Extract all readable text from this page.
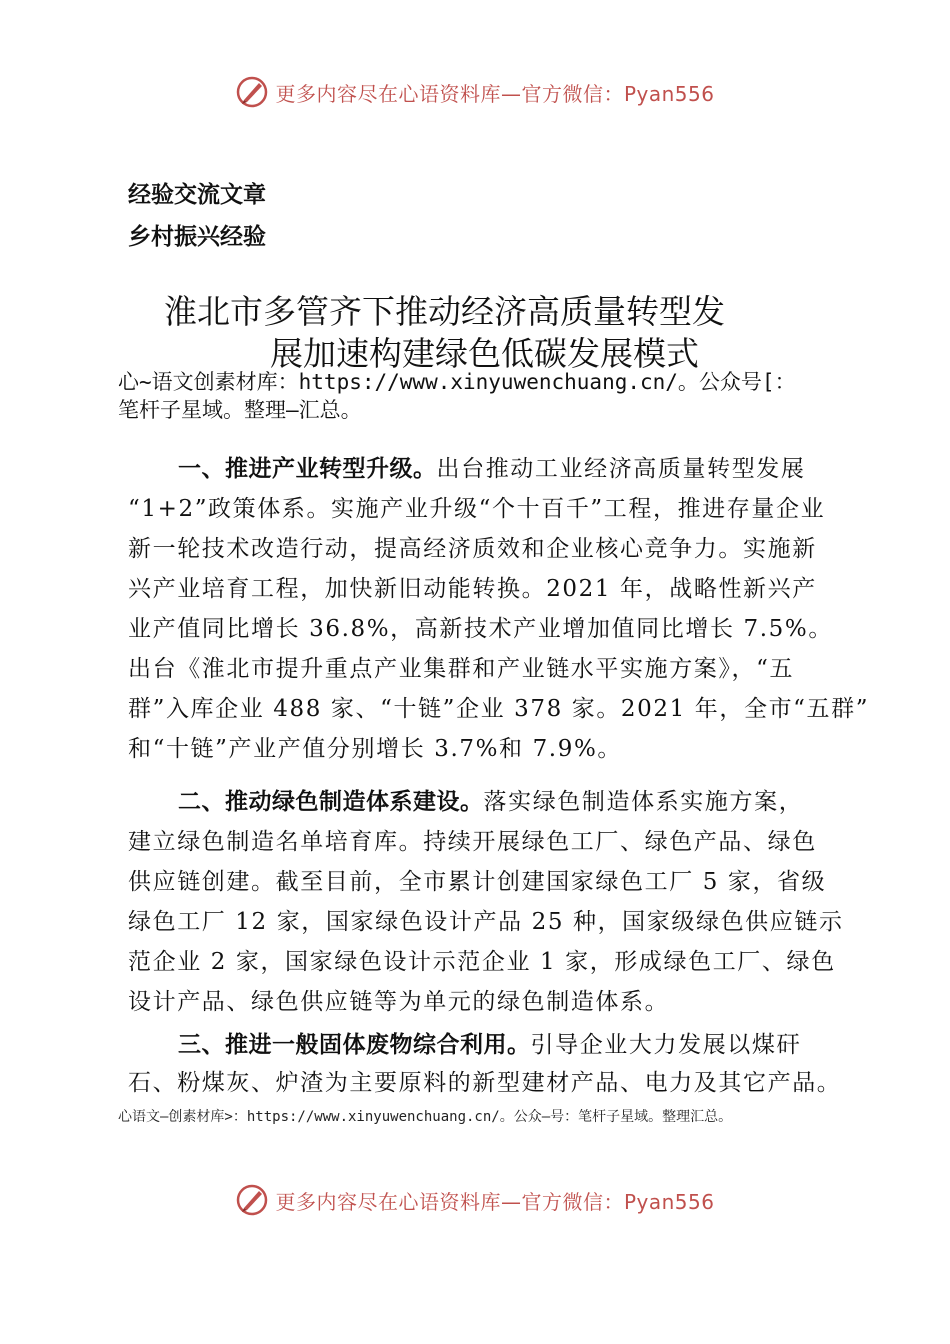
更多内容尽在心语资料库—官方微信：Pyan556
经验交流文章
乡村振兴经验
淮北市多管齐下推动经济高质量转型发
展加速构建绿色低碳发展模式
心~语文创素材库：https://www.xinyuwenchuang.cn/。公众号[：
笔杆子星域。整理—汇总。
一、推进产业转型升级。出台推动工业经济高质量转型发展
“1+2”政策体系。实施产业升级“个十百千”工程，推进存量企业
新一轮技术改造行动，提高经济质效和企业核心竞争力。实施新
兴产业培育工程，加快新旧动能转换。2021 年，战略性新兴产
业产值同比增长 36.8%，高新技术产业增加值同比增长 7.5%。
出台《淮北市提升重点产业集群和产业链水平实施方案》，“五
群”入库企业 488 家、“十链”企业 378 家。2021 年，全市“五群”
和“十链”产业产值分别增长 3.7%和 7.9%。
二、推动绿色制造体系建设。落实绿色制造体系实施方案，
建立绿色制造名单培育库。持续开展绿色工厂、绿色产品、绿色
供应链创建。截至目前，全市累计创建国家绿色工厂 5 家，省级
绿色工厂 12 家，国家绿色设计产品 25 种，国家级绿色供应链示
范企业 2 家，国家绿色设计示范企业 1 家，形成绿色工厂、绿色
设计产品、绿色供应链等为单元的绿色制造体系。
三、推进一般固体废物综合利用。引导企业大力发展以煤矸
石、粉煤灰、炉渣为主要原料的新型建材产品、电力及其它产品。
心语文—创素材库>：https://www.xinyuwenchuang.cn/。公众—号：笔杆子星域。整理汇总。
更多内容尽在心语资料库—官方微信：Pyan556
